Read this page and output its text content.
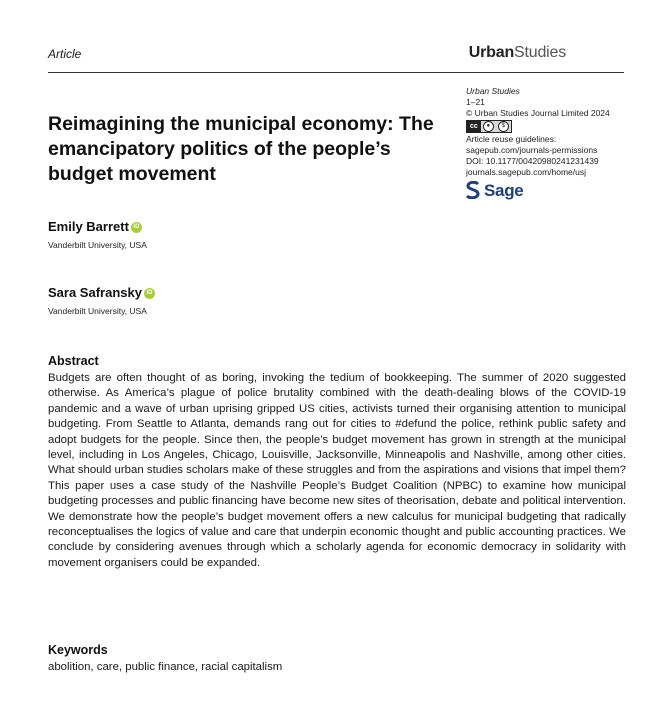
Article	UrbanStudies
Urban Studies
1–21
© Urban Studies Journal Limited 2024
cc	●	$
Article reuse guidelines:
sagepub.com/journals-permissions
DOI: 10.1177/00420980241231439
journals.sagepub.com/home/usj
Sage
Reimagining the municipal economy: The emancipatory politics of the people’s budget movement
Emily Barrett iD
Vanderbilt University, USA
Sara Safransky iD
Vanderbilt University, USA
Abstract

Budgets are often thought of as boring, invoking the tedium of bookkeeping. The summer of 2020 suggested otherwise. As America’s plague of police brutality combined with the death-dealing blows of the COVID-19 pandemic and a wave of urban uprising gripped US cities, activists turned their organising attention to municipal budgeting. From Seattle to Atlanta, demands rang out for cities to #defund the police, rethink public safety and adopt budgets for the people. Since then, the people’s budget movement has grown in strength at the municipal level, including in Los Angeles, Chicago, Louisville, Jacksonville, Minneapolis and Nashville, among other cities. What should urban studies scholars make of these struggles and from the aspirations and visions that impel them? This paper uses a case study of the Nashville People’s Budget Coalition (NPBC) to examine how municipal budgeting processes and public financing have become new sites of theorisation, debate and political intervention. We demonstrate how the people’s budget movement offers a new calculus for municipal budgeting that radically reconceptualises the logics of value and care that underpin economic thought and public accounting practices. We conclude by considering avenues through which a scholarly agenda for economic democracy in solidarity with movement organisers could be expanded.

Keywords
abolition, care, public finance, racial capitalism
